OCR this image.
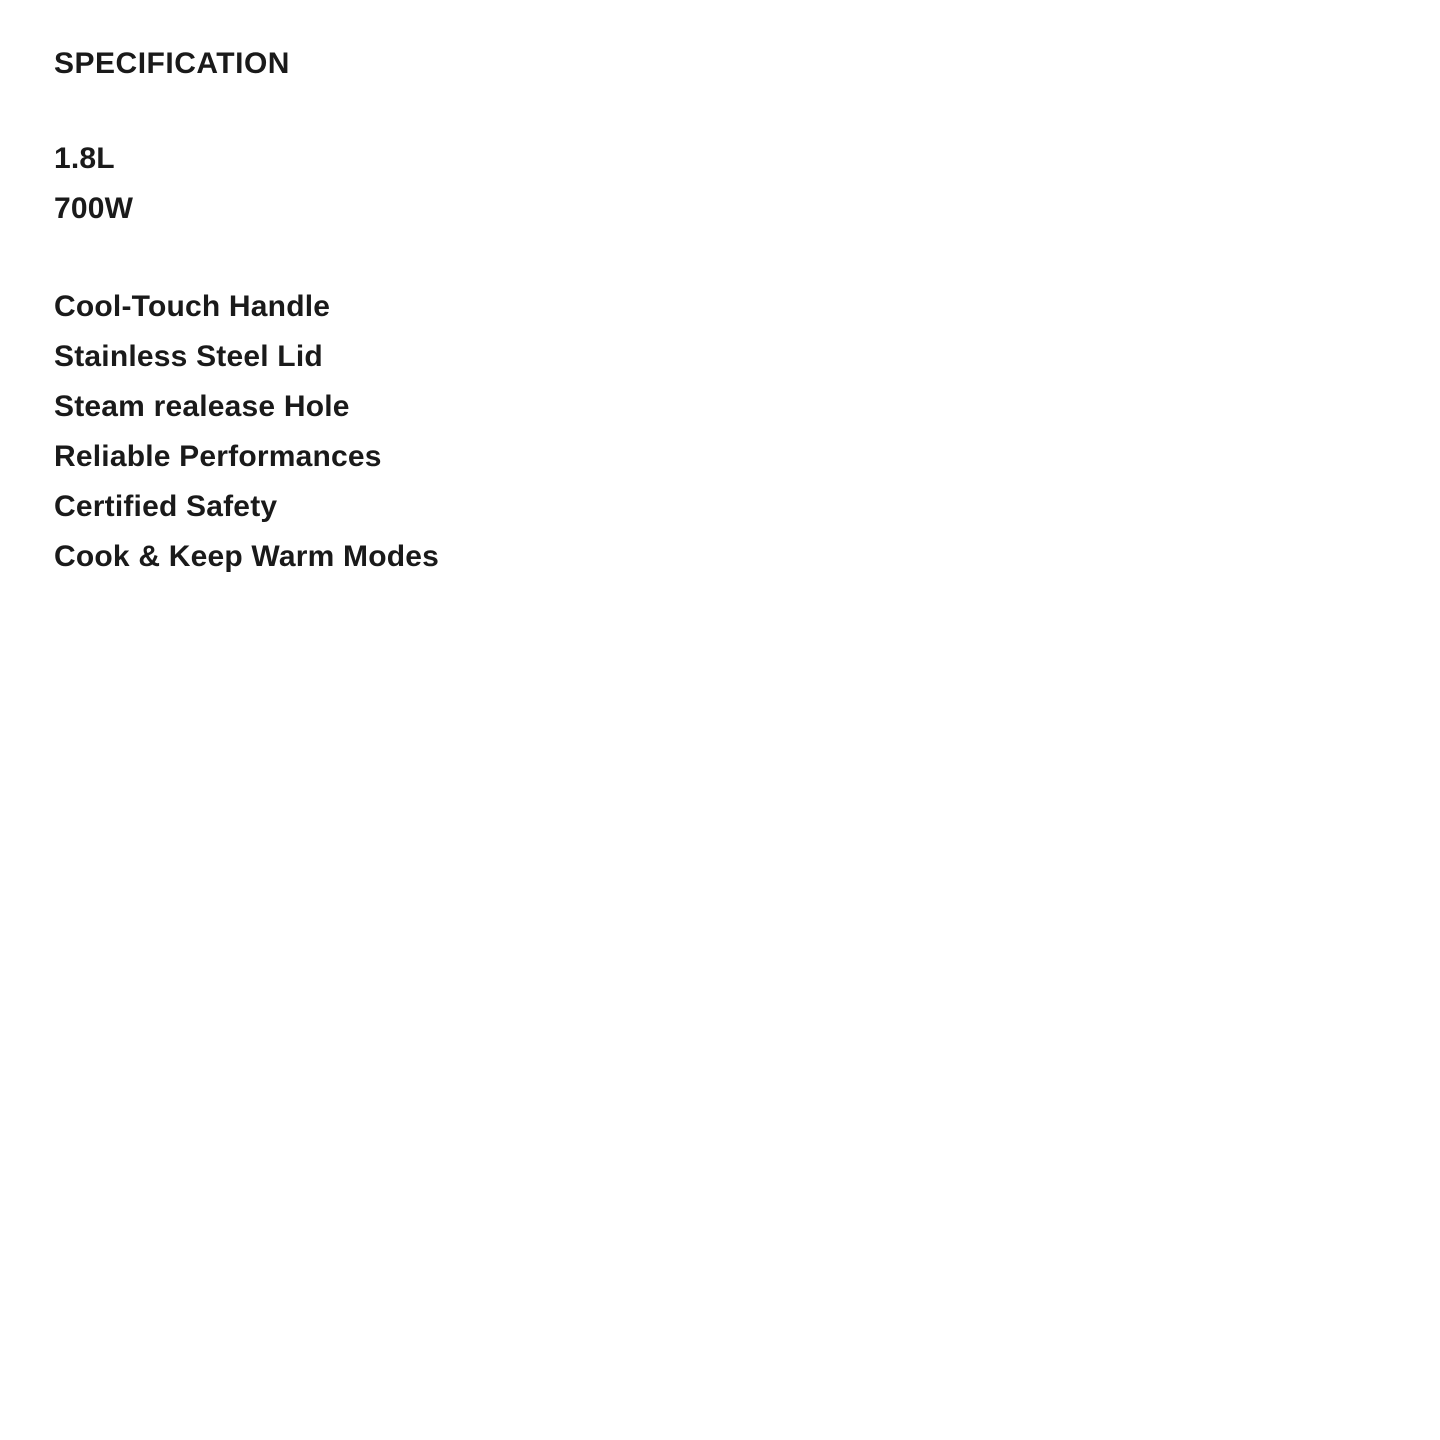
SPECIFICATION
1.8L
700W
Cool-Touch Handle
Stainless Steel Lid
Steam realease Hole
Reliable Performances
Certified Safety
Cook & Keep Warm Modes
